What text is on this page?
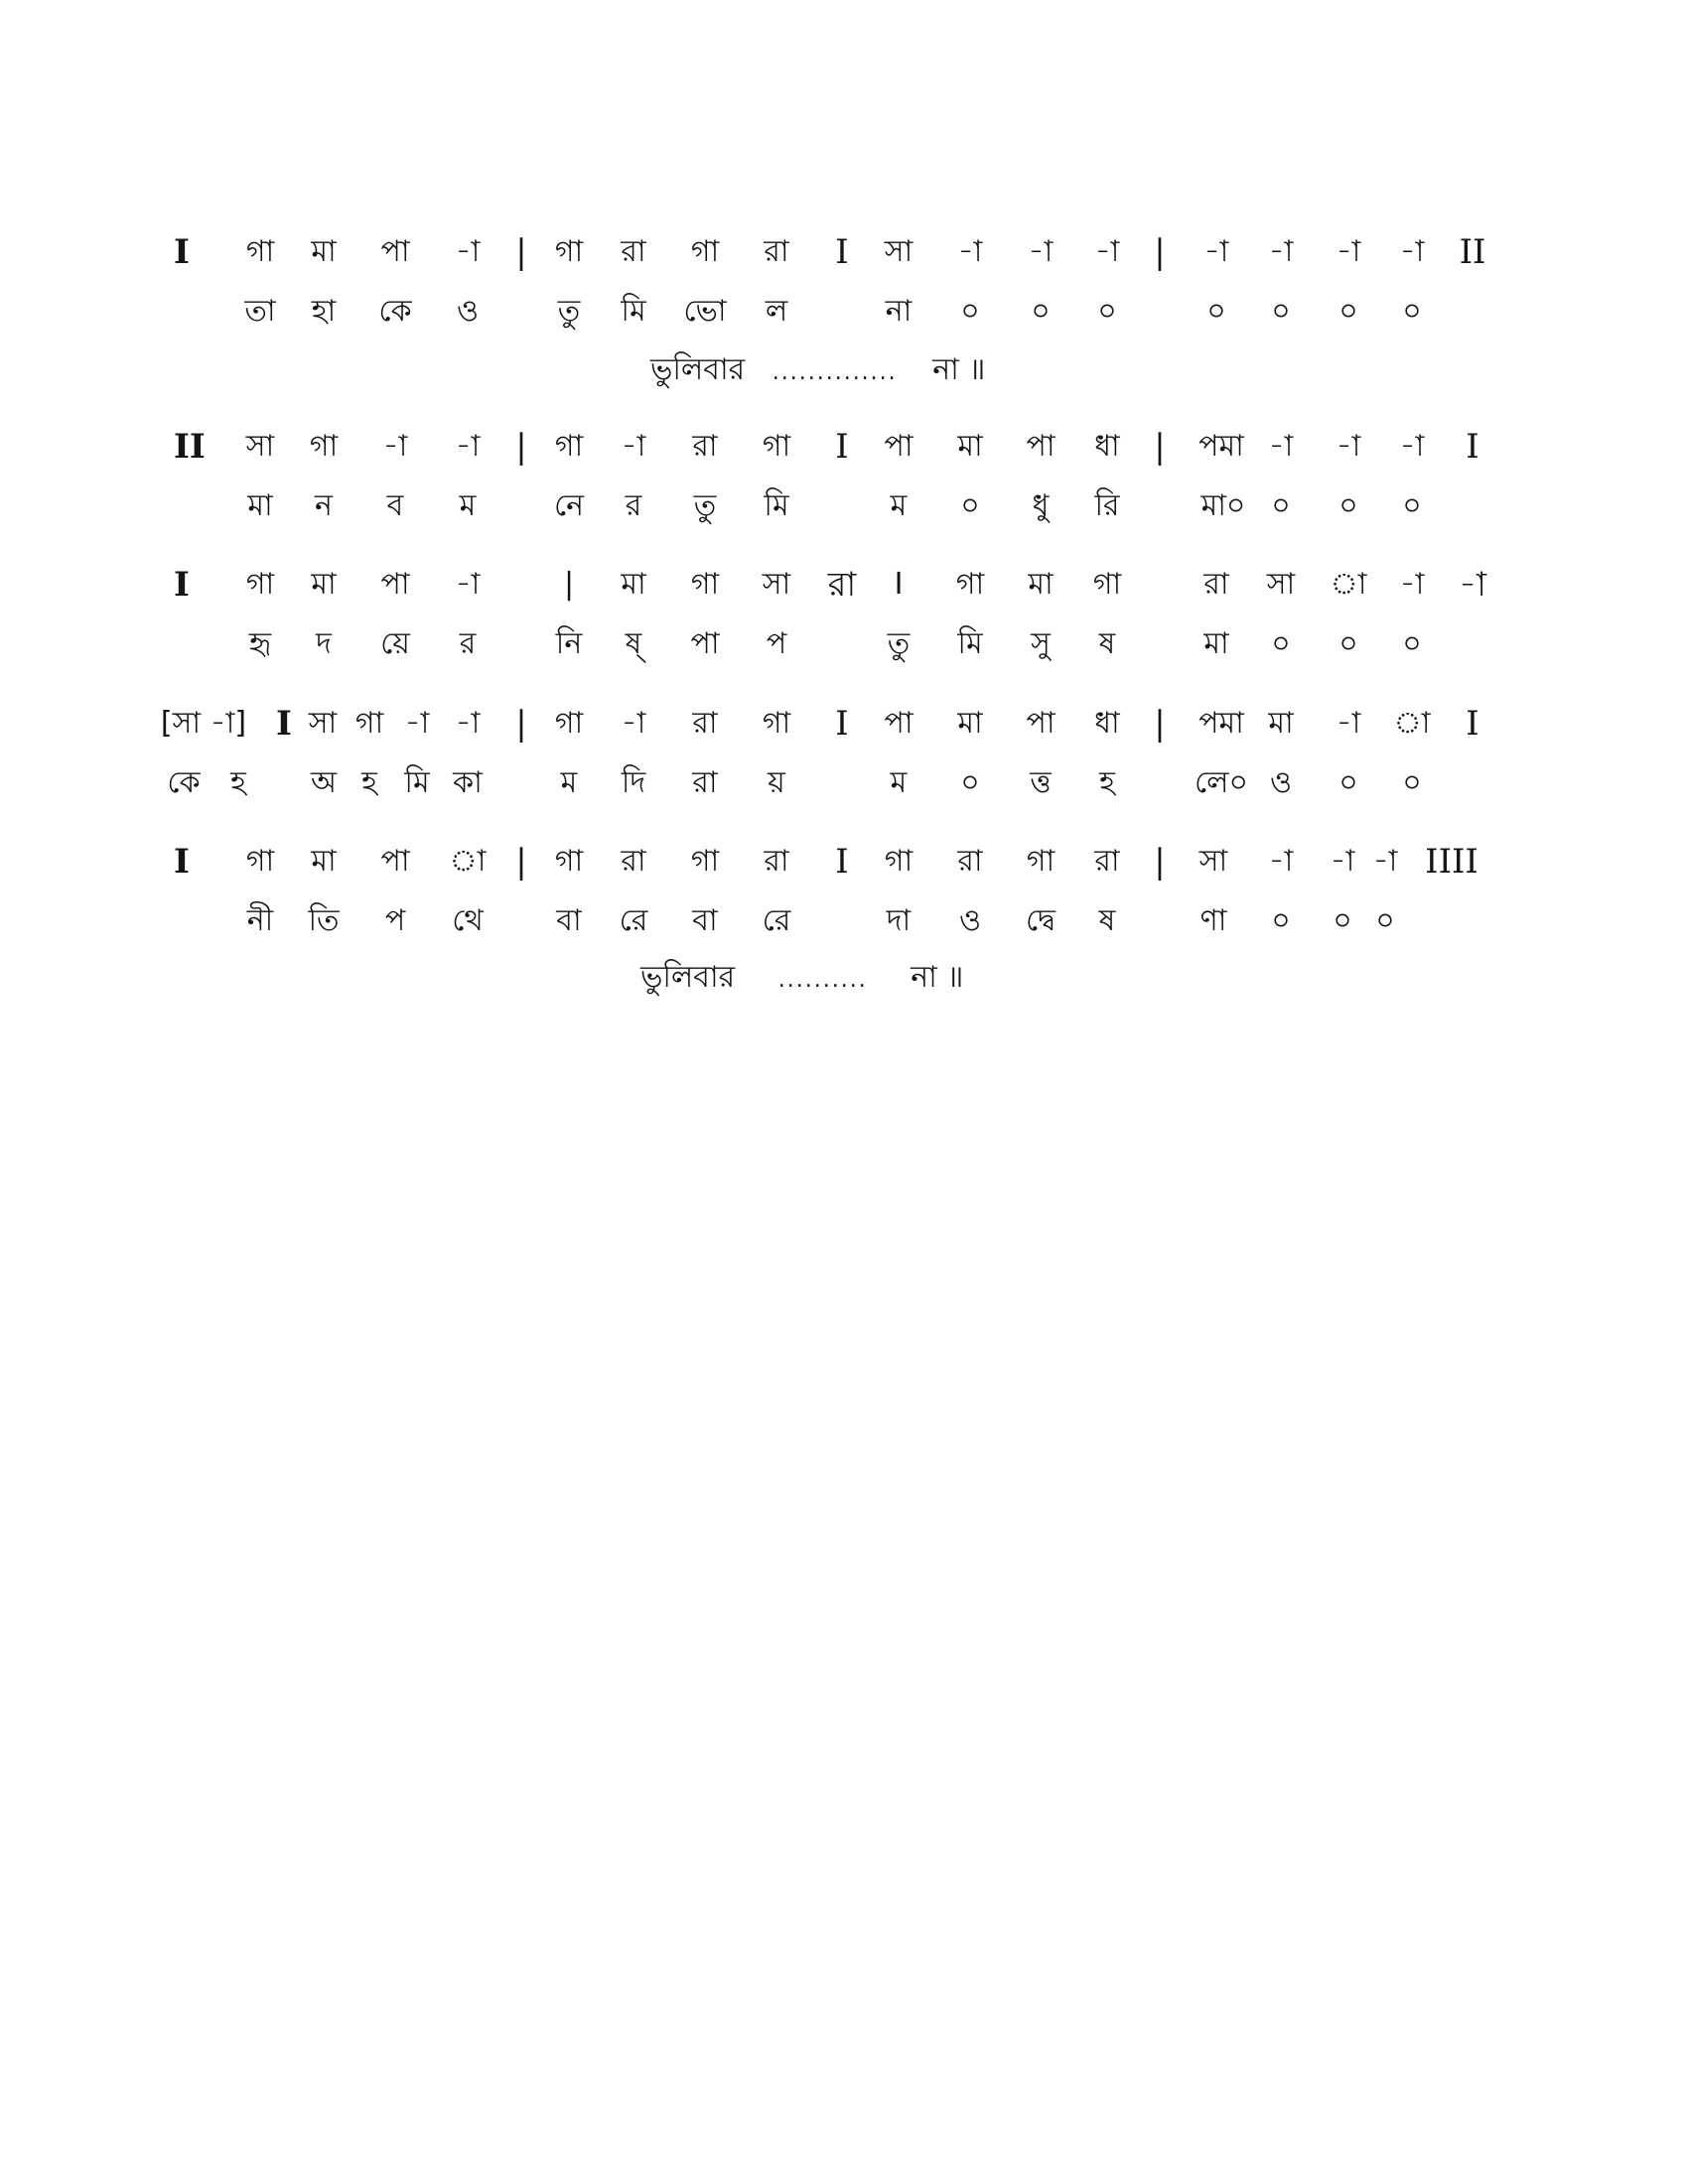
I গা মা পা -া | গা রা গা রা I সা -া -া -া | -া -া -া -া II
তা হা কে ও	তু মি ভো ল	না ০ ০ ০	০ ০ ০ ০
ভুলিবার .............. না ॥
II সা গা -া -া | গা -া রা গা I পা মা পা ধা | পমা -া -া -া I
মা ন ব ম	নে র তু মি	ম ০ ধু রি	মা০ ০ ০ ০
I গা মা পা -া	| মা গা সা রা I গা মা গা	রা সা া -া -া
হৃ দ য়ে র	নি ষ্ পা প	তু মি সু ষ	মা ০ ০ ০
[সা -া] I সা গা -া -া | গা -া রা গা I পা মা পা ধা | পমা মা -া া I
কে হ অ হ মি কা	ম দি রা য়	ম ০ ত্ত হ	লে০ ও ০ ০
I গা মা পা া | গা রা গা রা I গা রা গা রা | সা -া -া -া IIII
নী তি প থে বা রে বা রে	দা ও দ্বে ষ	ণা ০ ০ ০
ভুলিবার .......... না ॥
